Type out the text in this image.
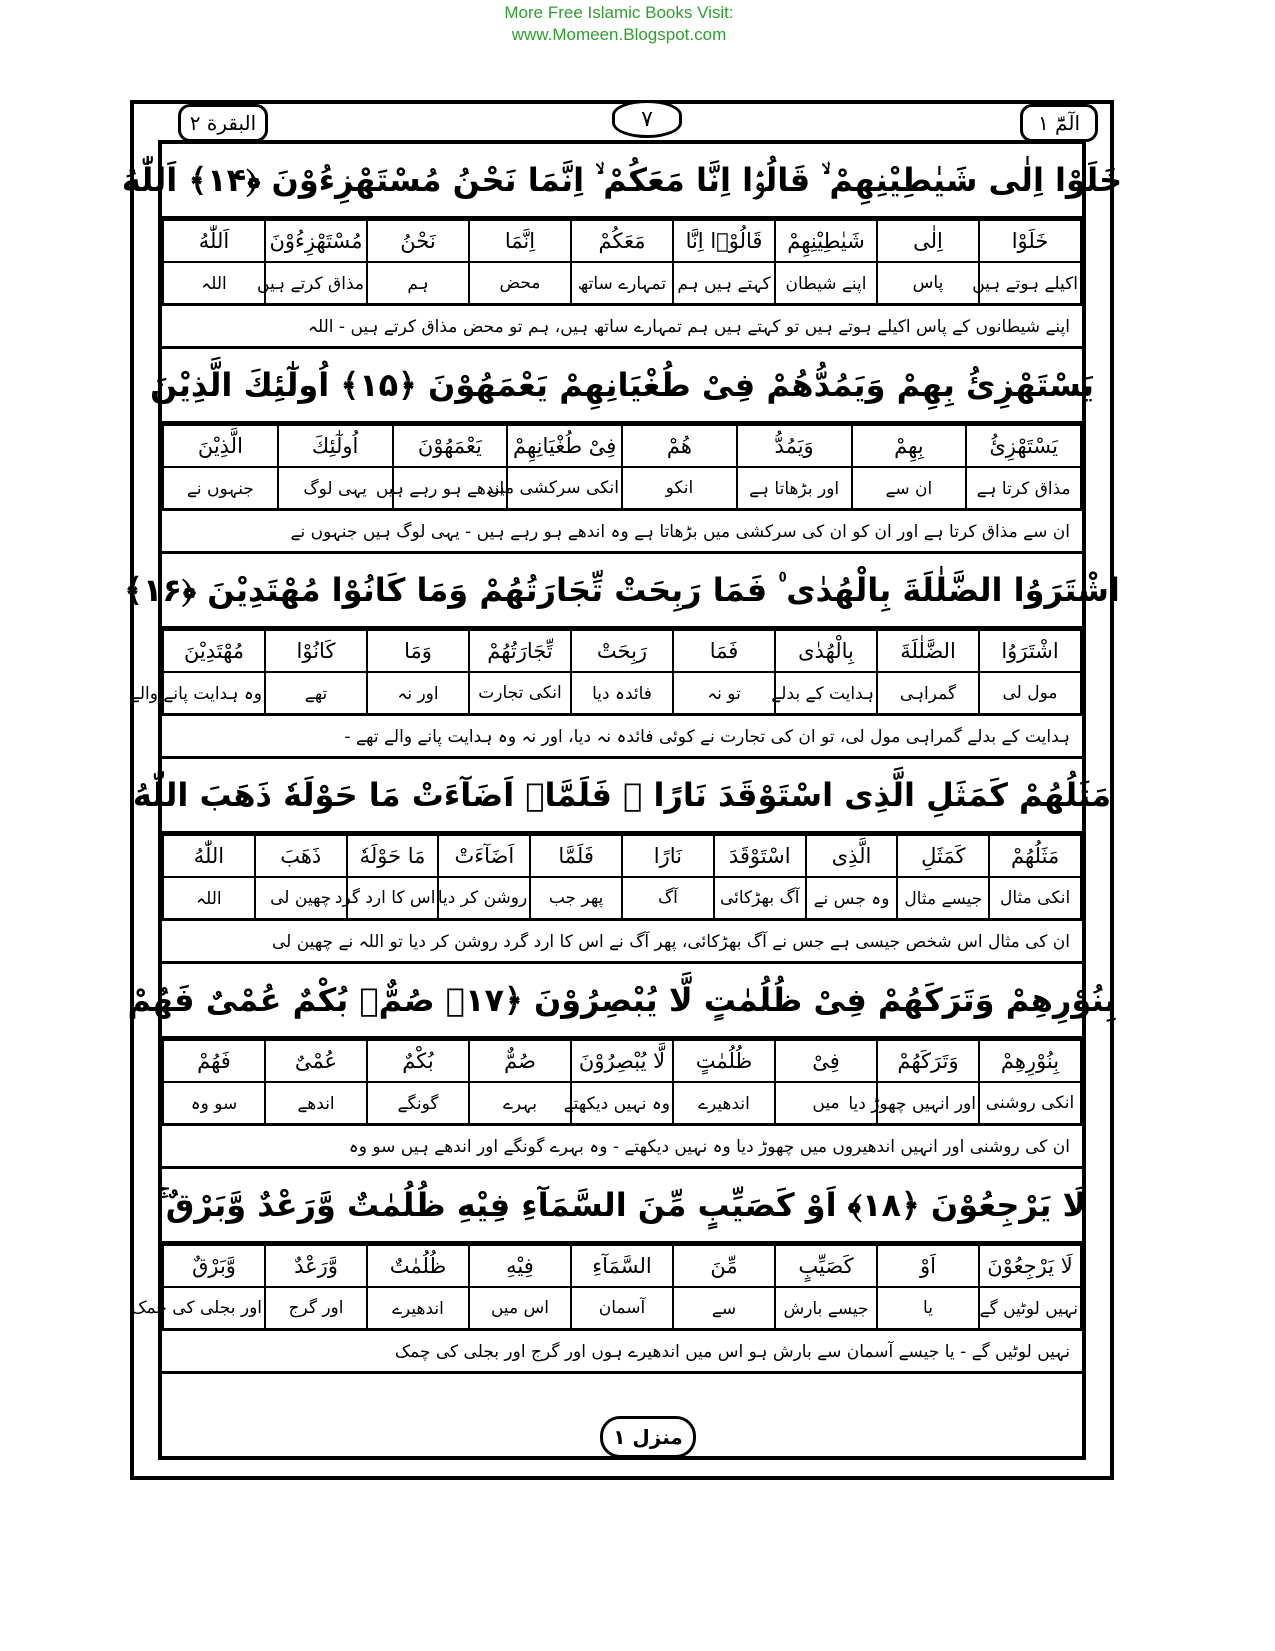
More Free Islamic Books Visit:
www.Momeen.Blogspot.com
البقرة ٢	٧	الٓمّٓ ١
خَلَوْا اِلٰی شَیٰطِیْنِهِمْ ۙ قَالُوْۤا اِنَّا مَعَكُمْ ۙ اِنَّمَا نَحْنُ مُسْتَهْزِءُوْنَ ﴿۱۴﴾ اَللّٰهُ
خَلَوْا	اِلٰی	شَیٰطِیْنِهِمْ	قَالُوْۤا اِنَّا	مَعَكُمْ	اِنَّمَا	نَحْنُ	مُسْتَهْزِءُوْنَ	اَللّٰهُ
اکیلے ہوتے ہیں	پاس	اپنے شیطان	کہتے ہیں ہم	تمہارے ساتھ	محض	ہم	مذاق کرتے ہیں	اللہ
اپنے شیطانوں کے پاس اکیلے ہوتے ہیں تو کہتے ہیں ہم تمہارے ساتھ ہیں، ہم تو محض مذاق کرتے ہیں - اللہ
یَسْتَهْزِئُ بِهِمْ وَیَمُدُّهُمْ فِیْ طُغْیَانِهِمْ یَعْمَهُوْنَ ﴿۱۵﴾ اُولٰٓئِكَ الَّذِیْنَ
یَسْتَهْزِئُ	بِهِمْ	وَیَمُدُّ	هُمْ	فِیْ طُغْیَانِهِمْ	یَعْمَهُوْنَ	اُولٰٓئِكَ	الَّذِیْنَ
مذاق کرتا ہے	ان سے	اور بڑھاتا ہے	انکو	انکی سرکشی میں	اندھے ہو رہے ہیں	یہی لوگ	جنہوں نے
ان سے مذاق کرتا ہے اور ان کو ان کی سرکشی میں بڑھاتا ہے وہ اندھے ہو رہے ہیں - یہی لوگ ہیں جنہوں نے
اشْتَرَوُا الضَّلٰلَةَ بِالْهُدٰی ۠ فَمَا رَبِحَتْ تِّجَارَتُهُمْ وَمَا كَانُوْا مُهْتَدِیْنَ ﴿۱۶﴾
اشْتَرَوُا	الضَّلٰلَةَ	بِالْهُدٰی	فَمَا	رَبِحَتْ	تِّجَارَتُهُمْ	وَمَا	كَانُوْا	مُهْتَدِیْنَ
مول لی	گمراہی	ہدایت کے بدلے	تو نہ	فائدہ دیا	انکی تجارت	اور نہ	تھے	وہ ہدایت پانے والے
ہدایت کے بدلے گمراہی مول لی، تو ان کی تجارت نے کوئی فائدہ نہ دیا، اور نہ وہ ہدایت پانے والے تھے -
مَثَلُهُمْ كَمَثَلِ الَّذِی اسْتَوْقَدَ نَارًا ۚ فَلَمَّاۤ اَضَآءَتْ مَا حَوْلَهٗ ذَهَبَ اللّٰهُ
مَثَلُهُمْ	كَمَثَلِ	الَّذِی	اسْتَوْقَدَ	نَارًا	فَلَمَّا	اَضَآءَتْ	مَا حَوْلَهٗ	ذَهَبَ	اللّٰهُ
انکی مثال	جیسے مثال	وہ جس نے	آگ بھڑکائی	آگ	پھر جب	روشن کر دیا	اس کا ارد گرد	چھین لی	اللہ
ان کی مثال اس شخص جیسی ہے جس نے آگ بھڑکائی، پھر آگ نے اس کا ارد گرد روشن کر دیا تو اللہ نے چھین لی
بِنُوْرِهِمْ وَتَرَكَهُمْ فِیْ ظُلُمٰتٍ لَّا یُبْصِرُوْنَ ﴿۱۷﴾ صُمٌّۢ بُكْمٌ عُمْیٌ فَهُمْ
بِنُوْرِهِمْ	وَتَرَكَهُمْ	فِیْ	ظُلُمٰتٍ	لَّا یُبْصِرُوْنَ	صُمٌّ	بُكْمٌ	عُمْیٌ	فَهُمْ
انکی روشنی	اور انہیں چھوڑ دیا	میں	اندھیرے	وہ نہیں دیکھتے	بہرے	گونگے	اندھے	سو وہ
ان کی روشنی اور انہیں اندھیروں میں چھوڑ دیا وہ نہیں دیکھتے - وہ بہرے گونگے اور اندھے ہیں سو وہ
لَا یَرْجِعُوْنَ ﴿۱۸﴾ اَوْ كَصَیِّبٍ مِّنَ السَّمَآءِ فِیْهِ ظُلُمٰتٌ وَّرَعْدٌ وَّبَرْقٌ ۚ
لَا یَرْجِعُوْنَ	اَوْ	كَصَیِّبٍ	مِّنَ	السَّمَآءِ	فِیْهِ	ظُلُمٰتٌ	وَّرَعْدٌ	وَّبَرْقٌ
نہیں لوٹیں گے	یا	جیسے بارش	سے	آسمان	اس میں	اندھیرے	اور گرج	اور بجلی کی چمک
نہیں لوٹیں گے - یا جیسے آسمان سے بارش ہو اس میں اندھیرے ہوں اور گرج اور بجلی کی چمک
منزل ١
